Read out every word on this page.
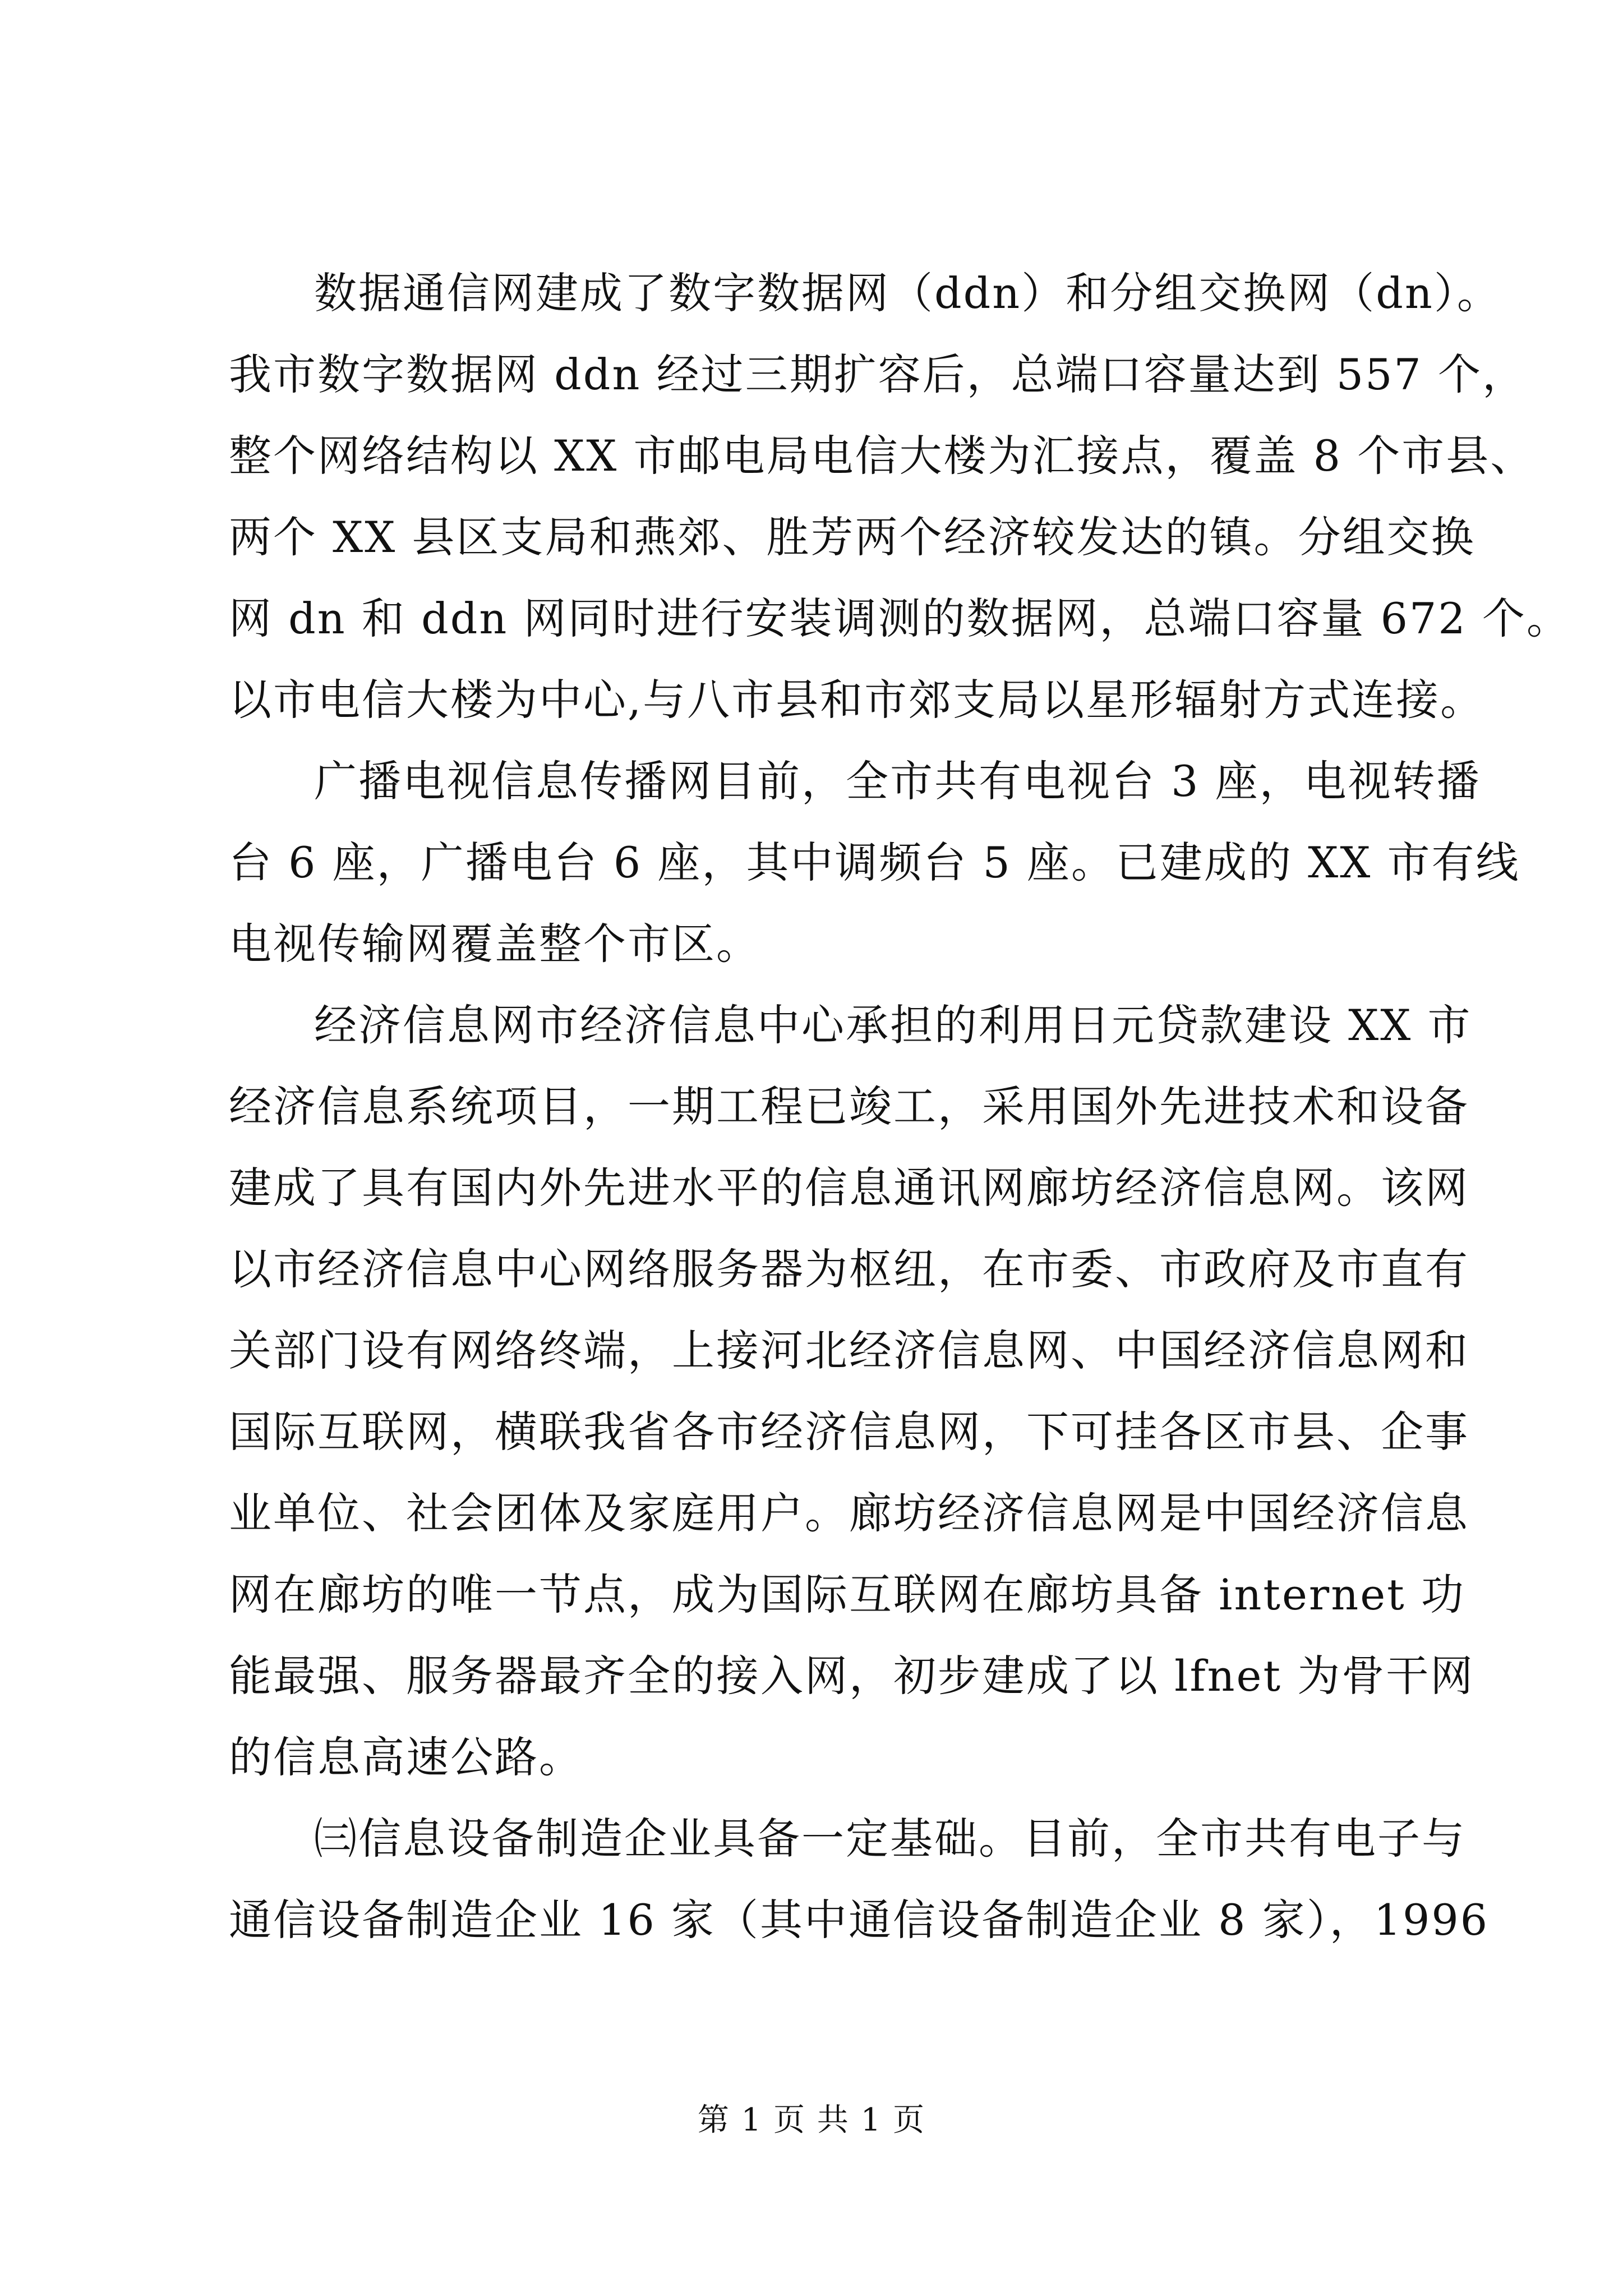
数据通信网建成了数字数据网（ddn）和分组交换网（dn）。
我市数字数据网 ddn 经过三期扩容后，总端口容量达到 557 个，
整个网络结构以 XX 市邮电局电信大楼为汇接点，覆盖 8 个市县、
两个 XX 县区支局和燕郊、胜芳两个经济较发达的镇。分组交换
网 dn 和 ddn 网同时进行安装调测的数据网，总端口容量 672 个。
以市电信大楼为中心,与八市县和市郊支局以星形辐射方式连接。
广播电视信息传播网目前，全市共有电视台 3 座，电视转播
台 6 座，广播电台 6 座，其中调频台 5 座。已建成的 XX 市有线
电视传输网覆盖整个市区。
经济信息网市经济信息中心承担的利用日元贷款建设 XX 市
经济信息系统项目，一期工程已竣工，采用国外先进技术和设备
建成了具有国内外先进水平的信息通讯网廊坊经济信息网。该网
以市经济信息中心网络服务器为枢纽，在市委、市政府及市直有
关部门设有网络终端，上接河北经济信息网、中国经济信息网和
国际互联网，横联我省各市经济信息网，下可挂各区市县、企事
业单位、社会团体及家庭用户。廊坊经济信息网是中国经济信息
网在廊坊的唯一节点，成为国际互联网在廊坊具备 internet 功
能最强、服务器最齐全的接入网，初步建成了以 lfnet 为骨干网
的信息高速公路。
㈢信息设备制造企业具备一定基础。目前，全市共有电子与
通信设备制造企业 16 家（其中通信设备制造企业 8 家），1996
第 1 页 共 1 页
